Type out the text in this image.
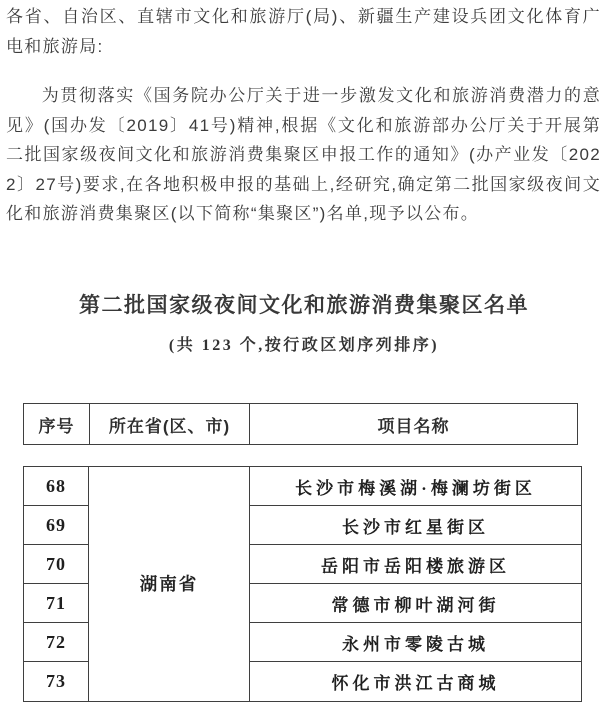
各省、自治区、直辖市文化和旅游厅(局)、新疆生产建设兵团文化体育广电和旅游局:

为贯彻落实《国务院办公厅关于进一步激发文化和旅游消费潜力的意见》(国办发〔2019〕41号)精神,根据《文化和旅游部办公厅关于开展第二批国家级夜间文化和旅游消费集聚区申报工作的通知》(办产业发〔2022〕27号)要求,在各地积极申报的基础上,经研究,确定第二批国家级夜间文化和旅游消费集聚区(以下简称“集聚区”)名单,现予以公布。

第二批国家级夜间文化和旅游消费集聚区名单

(共 123 个,按行政区划序列排序)

序号	所在省(区、市)	项目名称
68	湖南省	长沙市梅溪湖·梅澜坊街区
69		长沙市红星街区
70		岳阳市岳阳楼旅游区
71		常德市柳叶湖河街
72		永州市零陵古城
73		怀化市洪江古商城
